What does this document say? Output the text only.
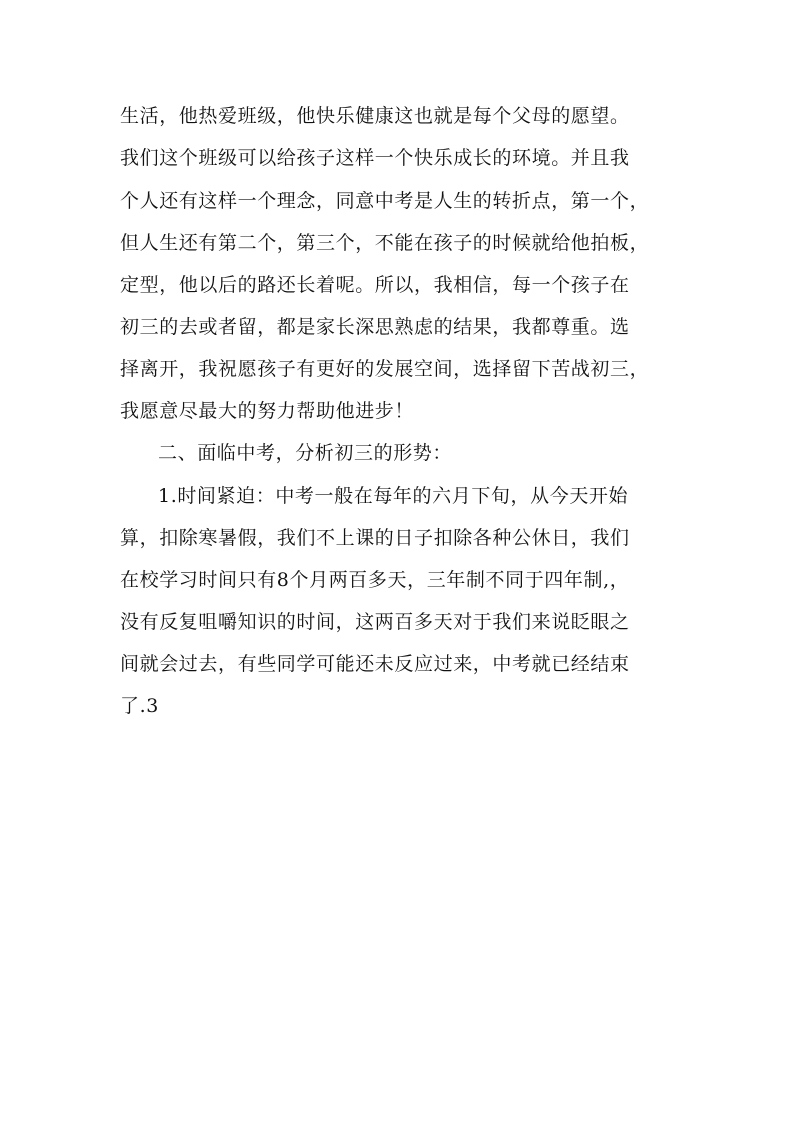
生活，他热爱班级，他快乐健康这也就是每个父母的愿望。
我们这个班级可以给孩子这样一个快乐成长的环境。并且我
个人还有这样一个理念，同意中考是人生的转折点，第一个，
但人生还有第二个，第三个，不能在孩子的时候就给他拍板，
定型，他以后的路还长着呢。所以，我相信，每一个孩子在
初三的去或者留，都是家长深思熟虑的结果，我都尊重。选
择离开，我祝愿孩子有更好的发展空间，选择留下苦战初三，
我愿意尽最大的努力帮助他进步！
二、面临中考，分析初三的形势：
1.时间紧迫：中考一般在每年的六月下旬，从今天开始
算，扣除寒暑假，我们不上课的日子扣除各种公休日，我们
在校学习时间只有8个月两百多天，三年制不同于四年制,，
没有反复咀嚼知识的时间，这两百多天对于我们来说眨眼之
间就会过去，有些同学可能还未反应过来，中考就已经结束
了.3
